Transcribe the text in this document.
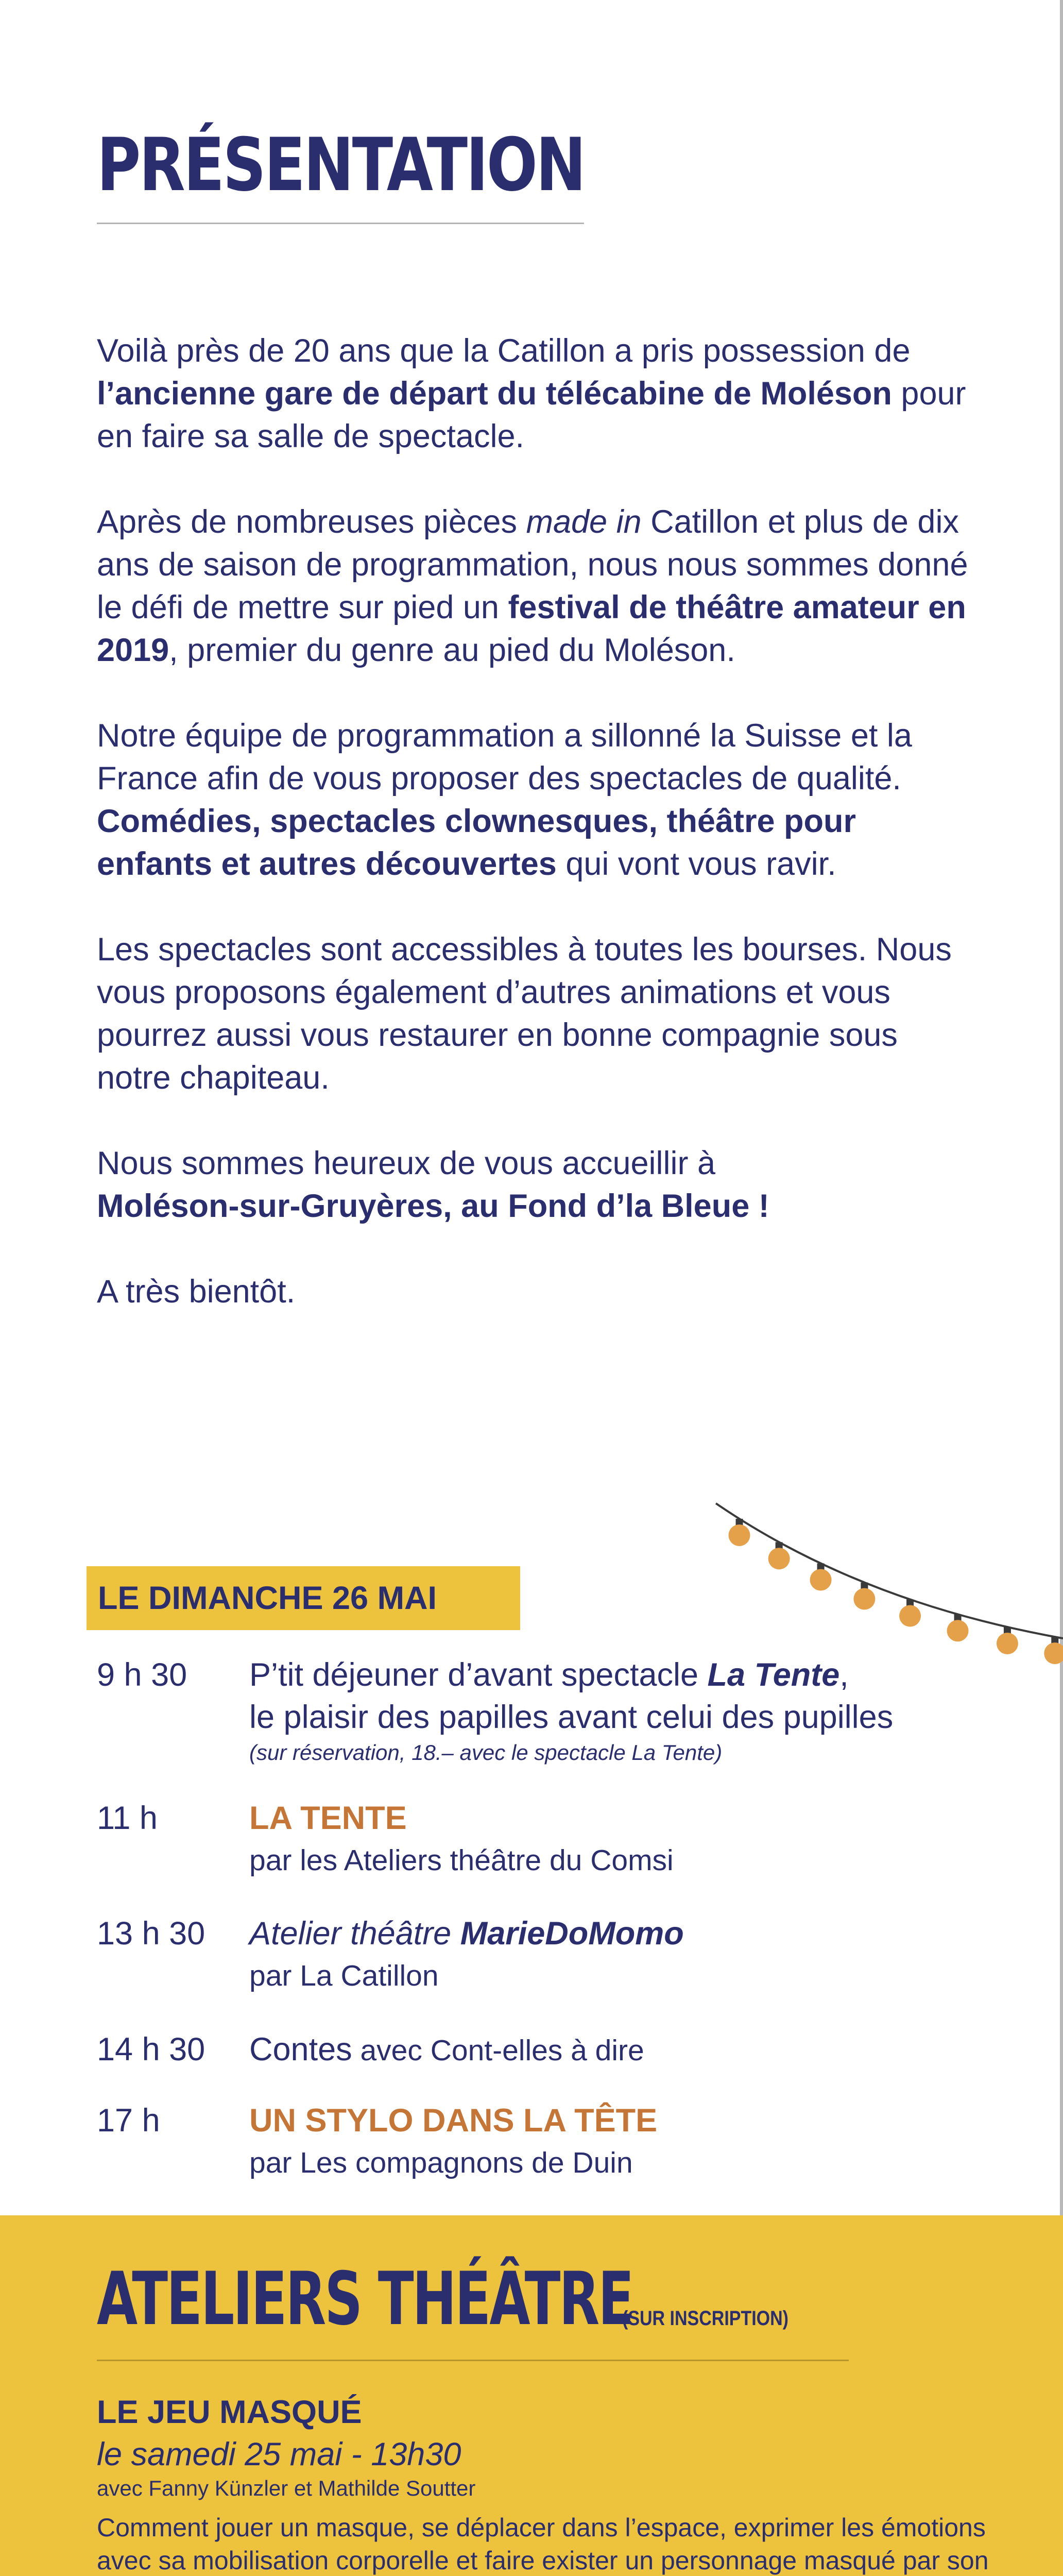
PRÉSENTATION

Voilà près de 20 ans que la Catillon a pris possession de l’ancienne gare de départ du télécabine de Moléson pour en faire sa salle de spectacle.

Après de nombreuses pièces made in Catillon et plus de dix ans de saison de programmation, nous nous sommes donné le défi de mettre sur pied un festival de théâtre amateur en 2019, premier du genre au pied du Moléson.

Notre équipe de programmation a sillonné la Suisse et la France afin de vous proposer des spectacles de qualité. Comédies, spectacles clownesques, théâtre pour enfants et autres découvertes qui vont vous ravir.

Les spectacles sont accessibles à toutes les bourses. Nous vous proposons également d’autres animations et vous pourrez aussi vous restaurer en bonne compagnie sous notre chapiteau.

Nous sommes heureux de vous accueillir à
Moléson-sur-Gruyères, au Fond d’la Bleue !

A très bientôt.

LE DIMANCHE 26 MAI
9 h 30 P’tit déjeuner d’avant spectacle La Tente,
le plaisir des papilles avant celui des pupilles
(sur réservation, 18.– avec le spectacle La Tente)
11 h	LA TENTE
par les Ateliers théâtre du Comsi
13 h 30 Atelier théâtre MarieDoMomo
par La Catillon
14 h 30 Contes avec Cont-elles à dire
17 h	UN STYLO DANS LA TÊTE
par Les compagnons de Duin
ATELIERS THÉÂTRE
(SUR INSCRIPTION)

LE JEU MASQUÉ

le samedi 25 mai - 13h30

avec Fanny Künzler et Mathilde Soutter

Comment jouer un masque, se déplacer dans l’espace, exprimer les émotions avec sa mobilisation corporelle et faire exister un personnage masqué par son
